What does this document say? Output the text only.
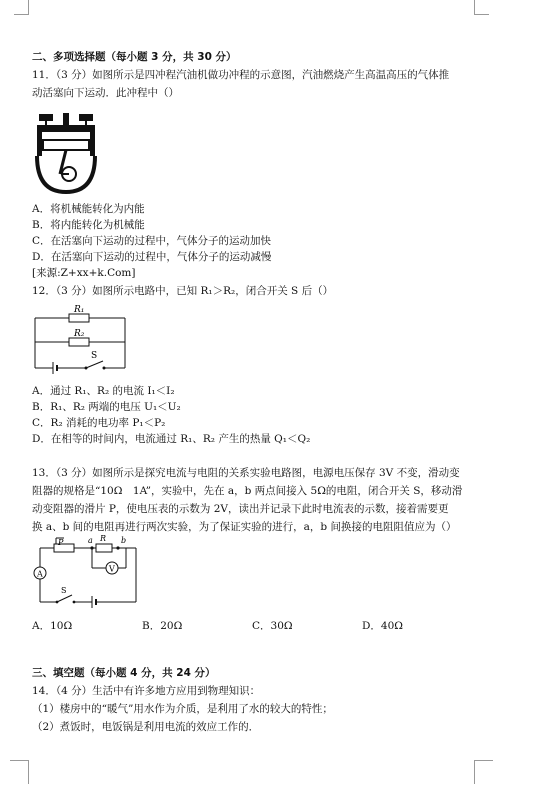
二、多项选择题（每小题 3 分，共 30 分）
11．（3 分）如图所示是四冲程汽油机做功冲程的示意图，汽油燃烧产生高温高压的气体推
动活塞向下运动．此冲程中（）
A．将机械能转化为内能
B．将内能转化为机械能
C．在活塞向下运动的过程中，气体分子的运动加快
D．在活塞向下运动的过程中，气体分子的运动减慢
[来源:Z+xx+k.Com]
12．（3 分）如图所示电路中，已知 R₁＞R₂，闭合开关 S 后（）
R₁
R₂
S
A．通过 R₁、R₂ 的电流 I₁＜I₂
B．R₁、R₂ 两端的电压 U₁＜U₂
C．R₂ 消耗的电功率 P₁＜P₂
D．在相等的时间内，电流通过 R₁、R₂ 产生的热量 Q₁＜Q₂
13．（3 分）如图所示是探究电流与电阻的关系实验电路图，电源电压保存 3V 不变，滑动变
阻器的规格是“10Ω　1A”，实验中，先在 a，b 两点间接入 5Ω的电阻，闭合开关 S，移动滑
动变阻器的滑片 P，使电压表的示数为 2V，读出并记录下此时电流表的示数，接着需要更
换 a、b 间的电阻再进行两次实验，为了保证实验的进行，a，b 间换接的电阻阻值应为（）
P	a R b
V
A
S
A．10Ω	B．20Ω	C．30Ω	D．40Ω
三、填空题（每小题 4 分，共 24 分）
14．（4 分）生活中有许多地方应用到物理知识：
（1）楼房中的“暖气”用水作为介质，是利用了水的较大的特性；
（2）煮饭时，电饭锅是利用电流的效应工作的．
